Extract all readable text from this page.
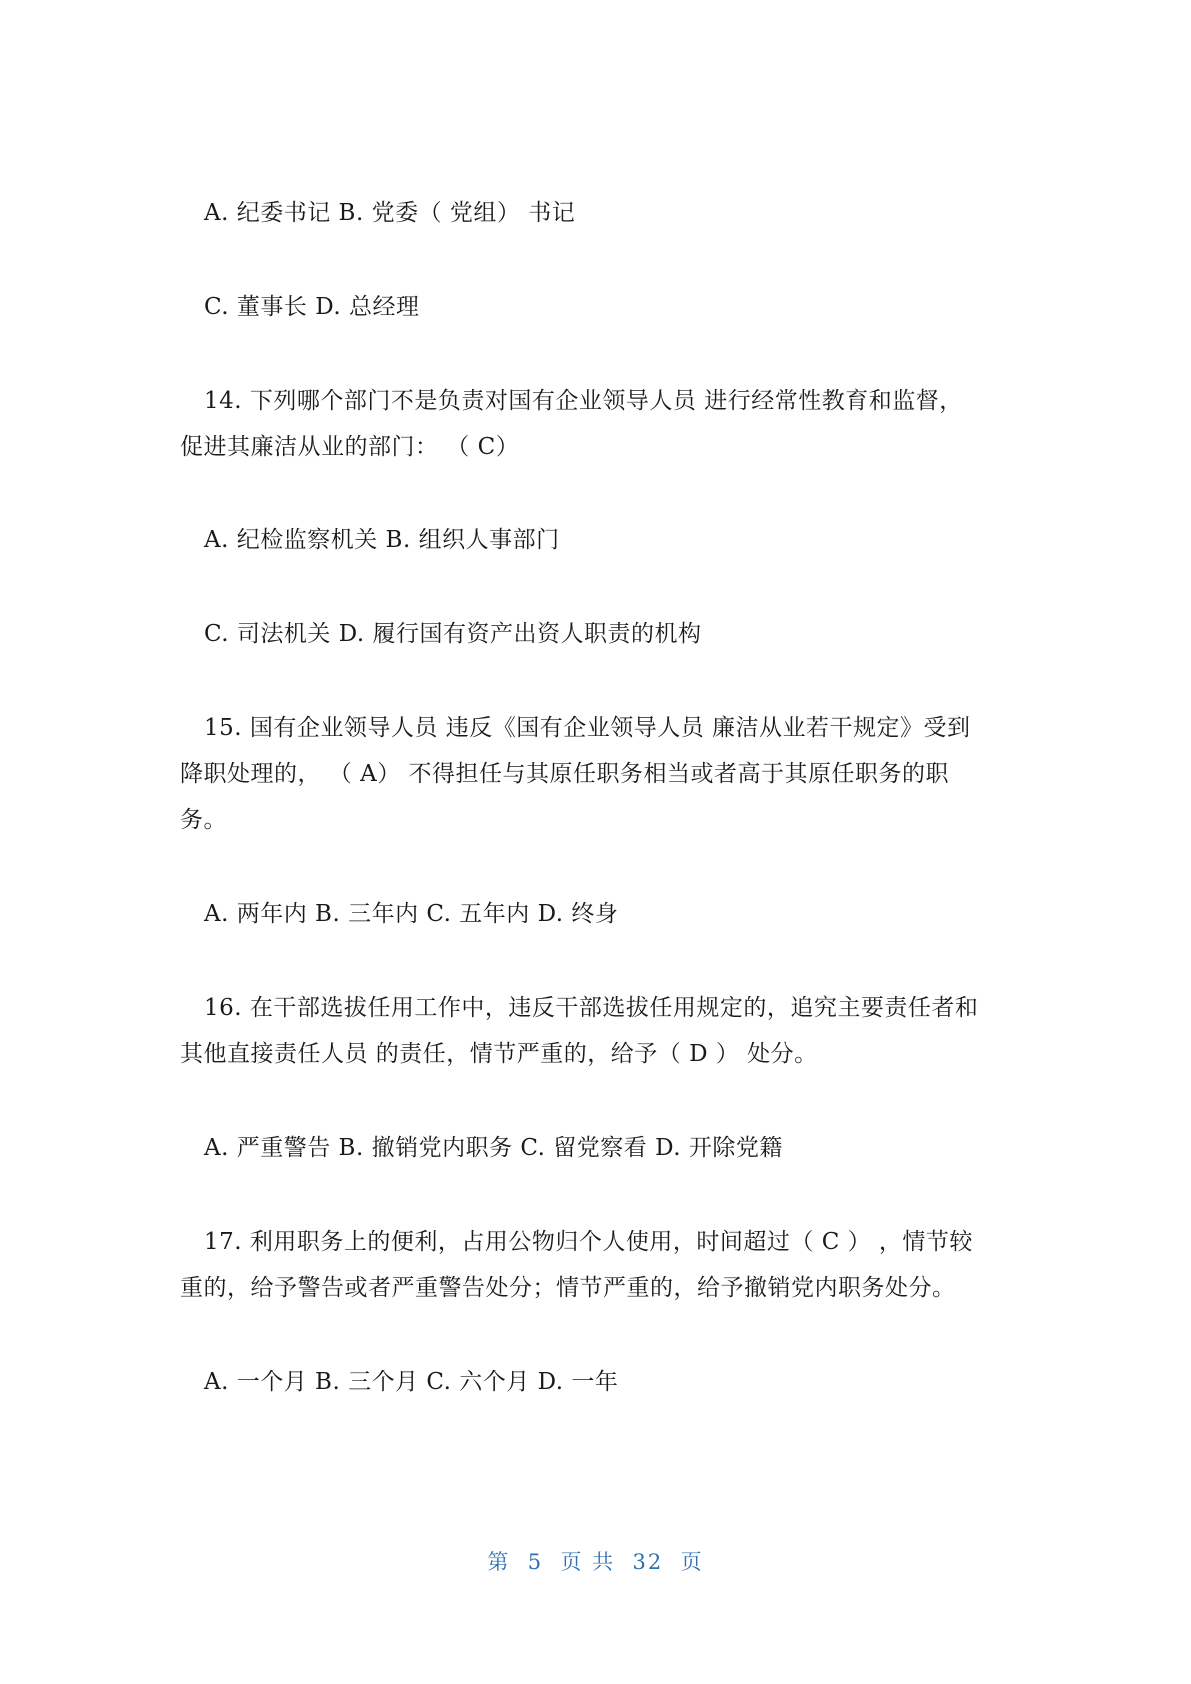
A. 纪委书记 B. 党委（ 党组） 书记
C. 董事长 D. 总经理
14. 下列哪个部门不是负责对国有企业领导人员 进行经常性教育和监督，
促进其廉洁从业的部门： （ C）
A. 纪检监察机关 B. 组织人事部门
C. 司法机关 D. 履行国有资产出资人职责的机构
15. 国有企业领导人员 违反《国有企业领导人员 廉洁从业若干规定》受到
降职处理的， （ A） 不得担任与其原任职务相当或者高于其原任职务的职
务。
A. 两年内 B. 三年内 C. 五年内 D. 终身
16. 在干部选拔任用工作中，违反干部选拔任用规定的，追究主要责任者和
其他直接责任人员 的责任，情节严重的，给予（ D ） 处分。
A. 严重警告 B. 撤销党内职务 C. 留党察看 D. 开除党籍
17. 利用职务上的便利，占用公物归个人使用，时间超过（ C ） ，情节较
重的，给予警告或者严重警告处分；情节严重的，给予撤销党内职务处分。
A. 一个月 B. 三个月 C. 六个月 D. 一年
第  5  页 共  32  页
